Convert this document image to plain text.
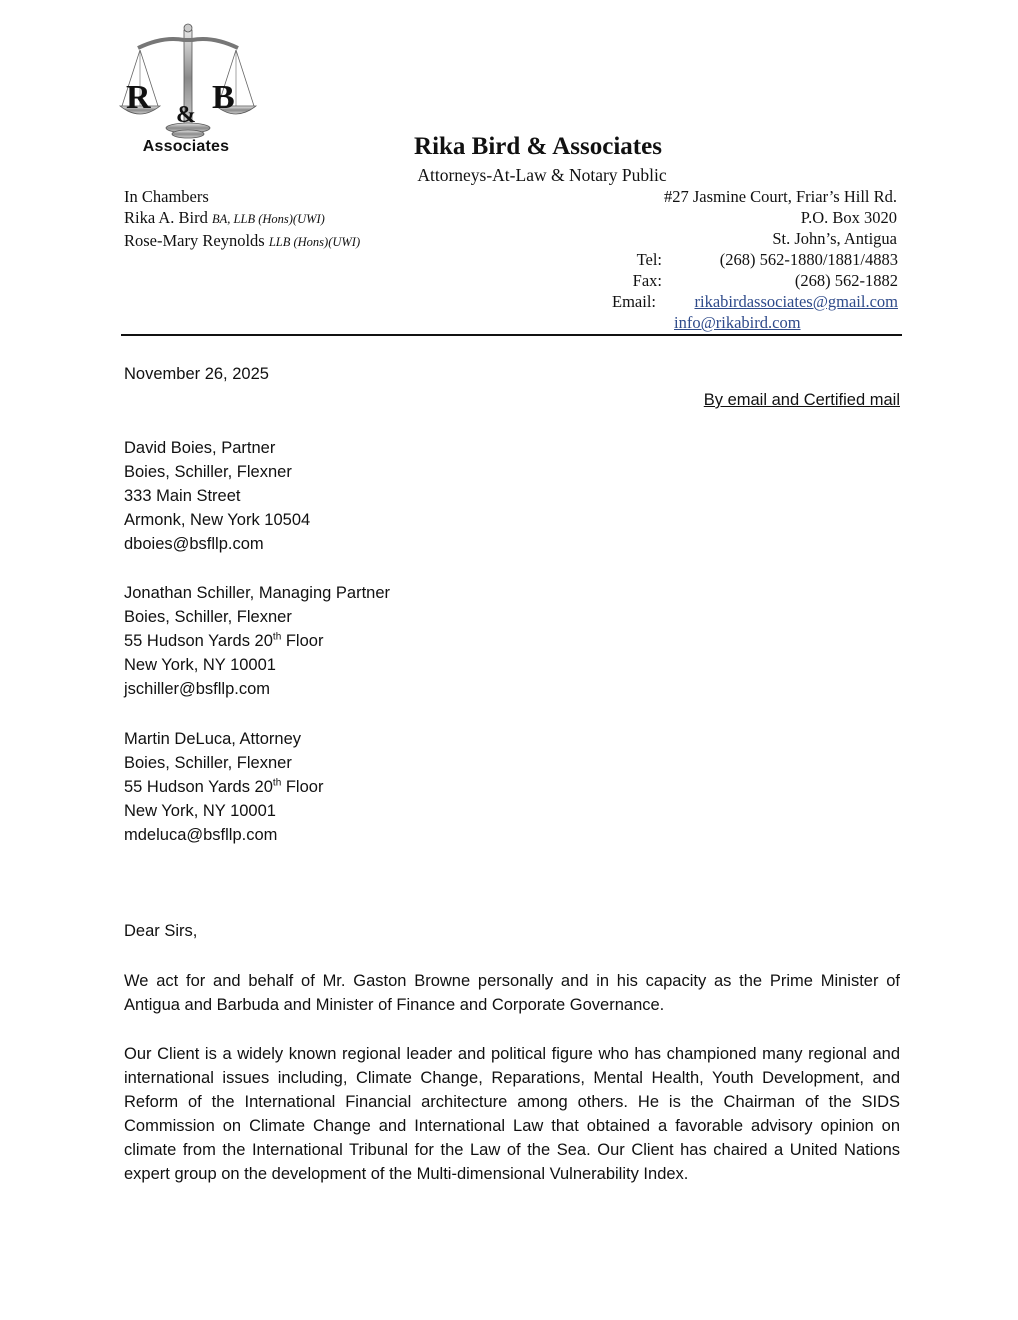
R & B
Associates	Rika Bird & Associates
Attorneys-At-Law & Notary Public
In Chambers
Rika A. Bird BA, LLB (Hons)(UWI)
Rose-Mary Reynolds LLB (Hons)(UWI)
#27 Jasmine Court, Friar’s Hill Rd.
P.O. Box 3020
St. John’s, Antigua
Tel:	(268) 562-1880/1881/4883
Fax:	(268) 562-1882
Email:	rikabirdassociates@gmail.com
info@rikabird.com
November 26, 2025
By email and Certified mail
David Boies, Partner
Boies, Schiller, Flexner
333 Main Street
Armonk, New York 10504
dboies@bsfllp.com
Jonathan Schiller, Managing Partner
Boies, Schiller, Flexner
55 Hudson Yards 20th Floor
New York, NY 10001
jschiller@bsfllp.com
Martin DeLuca, Attorney
Boies, Schiller, Flexner
55 Hudson Yards 20th Floor
New York, NY 10001
mdeluca@bsfllp.com
Dear Sirs,
We act for and behalf of Mr. Gaston Browne personally and in his capacity as the Prime Minister of Antigua and Barbuda and Minister of Finance and Corporate Governance.
Our Client is a widely known regional leader and political figure who has championed many regional and international issues including, Climate Change, Reparations, Mental Health, Youth Development, and Reform of the International Financial architecture among others. He is the Chairman of the SIDS Commission on Climate Change and International Law that obtained a favorable advisory opinion on climate from the International Tribunal for the Law of the Sea. Our Client has chaired a United Nations expert group on the development of the Multi-dimensional Vulnerability Index.
